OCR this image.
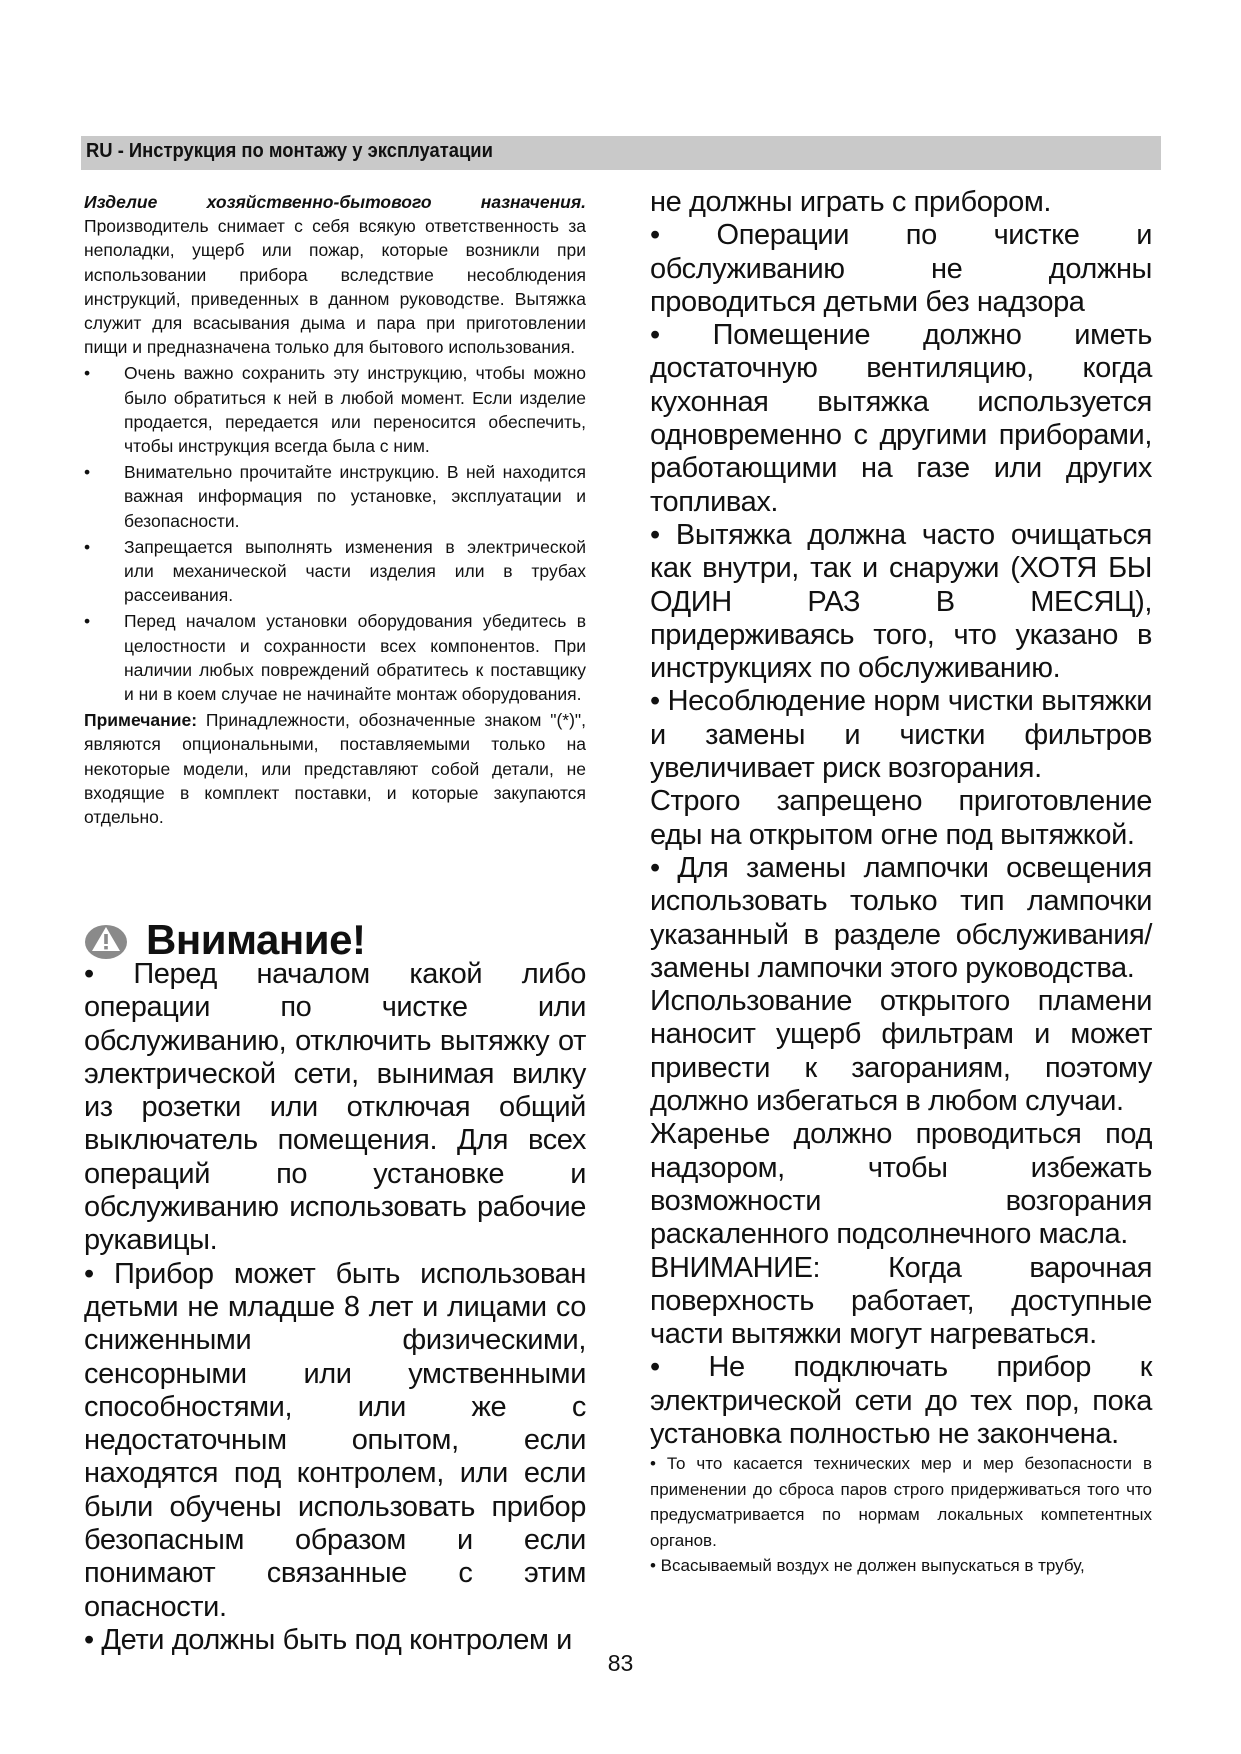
RU - Инструкция по монтажу у эксплуатации

Изделие хозяйственно-бытового назначения.

Производитель снимает с себя всякую ответственность за неполадки, ущерб или пожар, которые возникли при использовании прибора вследствие несоблюдения инструкций, приведенных в данном руководстве. Вытяжка служит для всасывания дыма и пара при приготовлении пищи и предназначена только для бытового использования.

• Очень важно сохранить эту инструкцию, чтобы можно было обратиться к ней в любой момент. Если изделие продается, передается или переносится обеспечить, чтобы инструкция всегда была с ним.
• Внимательно прочитайте инструкцию. В ней находится важная информация по установке, эксплуатации и безопасности.
• Запрещается выполнять изменения в электрической или механической части изделия или в трубах рассеивания.
• Перед началом установки оборудования убедитесь в целостности и сохранности всех компонентов. При наличии любых повреждений обратитесь к поставщику и ни в коем случае не начинайте монтаж оборудования.

Примечание: Принадлежности, обозначенные знаком "(*)", являются опциональными, поставляемыми только на некоторые модели, или представляют собой детали, не входящие в комплект поставки, и которые закупаются отдельно.

Внимание!

• Перед началом какой либо операции по чистке или обслуживанию, отключить вытяжку от электрической сети, вынимая вилку из розетки или отключая общий выключатель помещения. Для всех операций по установке и обслуживанию использовать рабочие рукавицы.

• Прибор может быть использован детьми не младше 8 лет и лицами со сниженными физическими, сенсорными или умственными способностями, или же с недостаточным опытом, если находятся под контролем, или если были обучены использовать прибор безопасным образом и если понимают связанные с этим опасности.

• Дети должны быть под контролем и

не должны играть с прибором.

• Операции по чистке и обслуживанию не должны проводиться детьми без надзора

• Помещение должно иметь достаточную вентиляцию, когда кухонная вытяжка используется одновременно с другими приборами, работающими на газе или других топливах.

• Вытяжка должна часто очищаться как внутри, так и снаружи (ХОТЯ БЫ ОДИН РАЗ В МЕСЯЦ), придерживаясь того, что указано в инструкциях по обслуживанию.

• Несоблюдение норм чистки вытяжки и замены и чистки фильтров увеличивает риск возгорания.

Строго запрещено приготовление еды на открытом огне под вытяжкой.

• Для замены лампочки освещения использовать только тип лампочки указанный в разделе обслуживания/замены лампочки этого руководства.

Использование открытого пламени наносит ущерб фильтрам и может привести к загораниям, поэтому должно избегаться в любом случаи.

Жаренье должно проводиться под надзором, чтобы избежать возможности возгорания раскаленного подсолнечного масла.

ВНИМАНИЕ: Когда варочная поверхность работает, доступные части вытяжки могут нагреваться.

• Не подключать прибор к электрической сети до тех пор, пока установка полностью не закончена.

• То что касается технических мер и мер безопасности в применении до сброса паров строго придерживаться того что предусматривается по нормам локальных компетентных органов.

• Всасываемый воздух не должен выпускаться в трубу,

83
